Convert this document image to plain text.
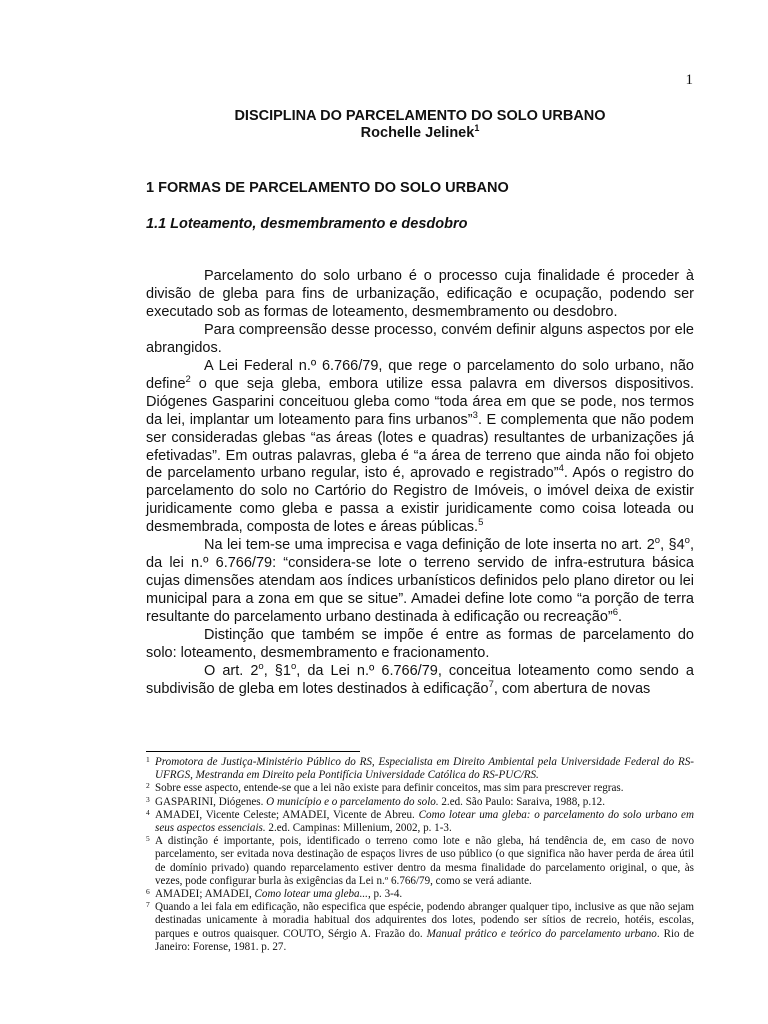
1
DISCIPLINA DO PARCELAMENTO DO SOLO URBANO
Rochelle Jelinek$^1$
1 FORMAS DE PARCELAMENTO DO SOLO URBANO
1.1 Loteamento, desmembramento e desdobro

Parcelamento do solo urbano é o processo cuja finalidade é proceder à divisão de gleba para fins de urbanização, edificação e ocupação, podendo ser executado sob as formas de loteamento, desmembramento ou desdobro.

Para compreensão desse processo, convém definir alguns aspectos por ele abrangidos.

A Lei Federal n.º 6.766/79, que rege o parcelamento do solo urbano, não define$^2$ o que seja gleba, embora utilize essa palavra em diversos dispositivos. Diógenes Gasparini conceituou gleba como “toda área em que se pode, nos termos da lei, implantar um loteamento para fins urbanos”$^3$. E complementa que não podem ser consideradas glebas “as áreas (lotes e quadras) resultantes de urbanizações já efetivadas”. Em outras palavras, gleba é “a área de terreno que ainda não foi objeto de parcelamento urbano regular, isto é, aprovado e registrado”$^4$. Após o registro do parcelamento do solo no Cartório do Registro de Imóveis, o imóvel deixa de existir juridicamente como gleba e passa a existir juridicamente como coisa loteada ou desmembrada, composta de lotes e áreas públicas.$^5$

Na lei tem-se uma imprecisa e vaga definição de lote inserta no art. 2$^o$, §4$^o$, da lei n.º 6.766/79: “considera-se lote o terreno servido de infra-estrutura básica cujas dimensões atendam aos índices urbanísticos definidos pelo plano diretor ou lei municipal para a zona em que se situe”. Amadei define lote como “a porção de terra resultante do parcelamento urbano destinada à edificação ou recreação”$^6$.

Distinção que também se impõe é entre as formas de parcelamento do solo: loteamento, desmembramento e fracionamento.

O art. 2$^o$, §1$^o$, da Lei n.º 6.766/79, conceitua loteamento como sendo a subdivisão de gleba em lotes destinados à edificação$^7$, com abertura de novas

1 Promotora de Justiça-Ministério Público do RS, Especialista em Direito Ambiental pela Universidade Federal do RS-UFRGS, Mestranda em Direito pela Pontifícia Universidade Católica do RS-PUC/RS.

2 Sobre esse aspecto, entende-se que a lei não existe para definir conceitos, mas sim para prescrever regras.

3 GASPARINI, Diógenes. O município e o parcelamento do solo. 2.ed. São Paulo: Saraiva, 1988, p.12.

4 AMADEI, Vicente Celeste; AMADEI, Vicente de Abreu. Como lotear uma gleba: o parcelamento do solo urbano em seus aspectos essenciais. 2.ed. Campinas: Millenium, 2002, p. 1-3.

5 A distinção é importante, pois, identificado o terreno como lote e não gleba, há tendência de, em caso de novo parcelamento, ser evitada nova destinação de espaços livres de uso público (o que significa não haver perda de área útil de domínio privado) quando reparcelamento estiver dentro da mesma finalidade do parcelamento original, o que, às vezes, pode configurar burla às exigências da Lei n.º 6.766/79, como se verá adiante.

6 AMADEI; AMADEI, Como lotear uma gleba..., p. 3-4.

7 Quando a lei fala em edificação, não especifica que espécie, podendo abranger qualquer tipo, inclusive as que não sejam destinadas unicamente à moradia habitual dos adquirentes dos lotes, podendo ser sítios de recreio, hotéis, escolas, parques e outros quaisquer. COUTO, Sérgio A. Frazão do. Manual prático e teórico do parcelamento urbano. Rio de Janeiro: Forense, 1981. p. 27.
